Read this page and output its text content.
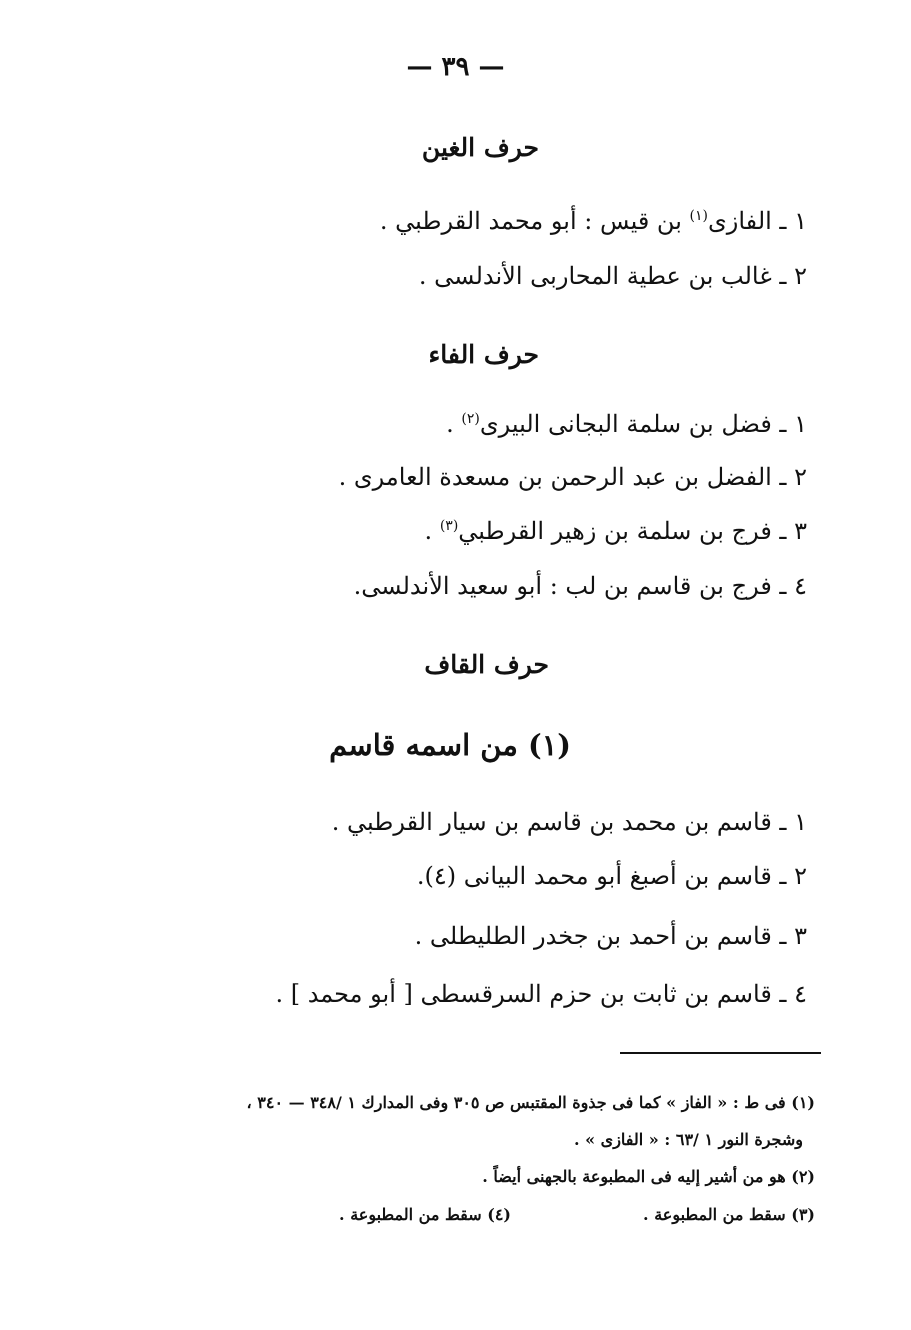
— ٣٩ —
حرف الغين
١ ـ الفازى$^{(١)}$ بن قيس : أبو محمد القرطبي .
٢ ـ غالب بن عطية المحاربى الأندلسى .
حرف الفاء
١ ـ فضل بن سلمة البجانى البيرى$^{(٢)}$ .
٢ ـ الفضل بن عبد الرحمن بن مسعدة العامرى .
٣ ـ فرج بن سلمة بن زهير القرطبي$^{(٣)}$ .
٤ ـ فرج بن قاسم بن لب : أبو سعيد الأندلسى.
حرف القاف
(١) من اسمه قاسم
١ ـ قاسم بن محمد بن قاسم بن سيار القرطبي .
٢ ـ قاسم بن أصبغ أبو محمد البيانى (٤).
٣ ـ قاسم بن أحمد بن جخدر الطليطلى .
٤ ـ قاسم بن ثابت بن حزم السرقسطى [ أبو محمد ] .
(١) فى ط : « الفاز » كما فى جذوة المقتبس ص ٣٠٥ وفى المدارك ١ /٣٤٨ — ٣٤٠ ،
وشجرة النور ١ /٦٣ : « الفازى » .
(٢) هو من أشير إليه فى المطبوعة بالجهنى أيضاً .
(٣) سقط من المطبوعة .
(٤) سقط من المطبوعة .
